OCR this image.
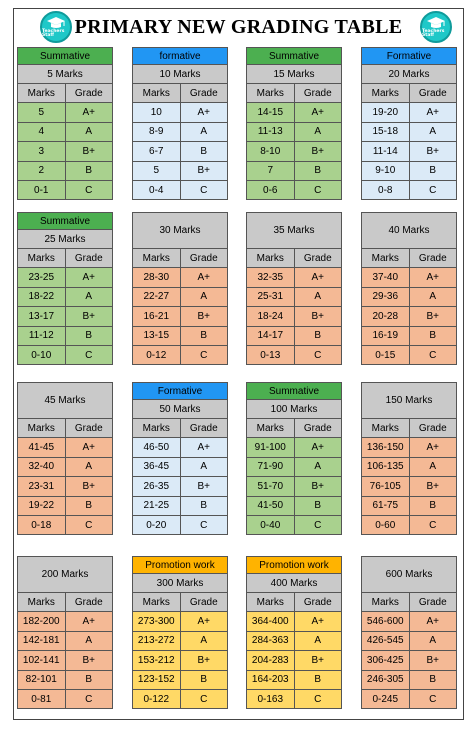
Teachers Staff	PRIMARY NEW GRADING TABLE	Teachers Staff
Summative
5 Marks
Marks	Grade
5	A+
4	A
3	B+
2	B
0-1	C
formative
10 Marks
Marks	Grade
10	A+
8-9	A
6-7	B
5	B+
0-4	C
Summative
15 Marks
Marks	Grade
14-15	A+
11-13	A
8-10	B+
7	B
0-6	C
Formative
20 Marks
Marks	Grade
19-20	A+
15-18	A
11-14	B+
9-10	B
0-8	C
Summative
25 Marks
Marks	Grade
23-25	A+
18-22	A
13-17	B+
11-12	B
0-10	C
30 Marks
Marks	Grade
28-30	A+
22-27	A
16-21	B+
13-15	B
0-12	C
35 Marks
Marks	Grade
32-35	A+
25-31	A
18-24	B+
14-17	B
0-13	C
40 Marks
Marks	Grade
37-40	A+
29-36	A
20-28	B+
16-19	B
0-15	C
45 Marks
Marks	Grade
41-45	A+
32-40	A
23-31	B+
19-22	B
0-18	C
Formative
50 Marks
Marks	Grade
46-50	A+
36-45	A
26-35	B+
21-25	B
0-20	C
Summative
100 Marks
Marks	Grade
91-100	A+
71-90	A
51-70	B+
41-50	B
0-40	C
150 Marks
Marks	Grade
136-150	A+
106-135	A
76-105	B+
61-75	B
0-60	C
200 Marks
Marks	Grade
182-200	A+
142-181	A
102-141	B+
82-101	B
0-81	C
Promotion work
300 Marks
Marks	Grade
273-300	A+
213-272	A
153-212	B+
123-152	B
0-122	C
Promotion work
400 Marks
Marks	Grade
364-400	A+
284-363	A
204-283	B+
164-203	B
0-163	C
600 Marks
Marks	Grade
546-600	A+
426-545	A
306-425	B+
246-305	B
0-245	C
